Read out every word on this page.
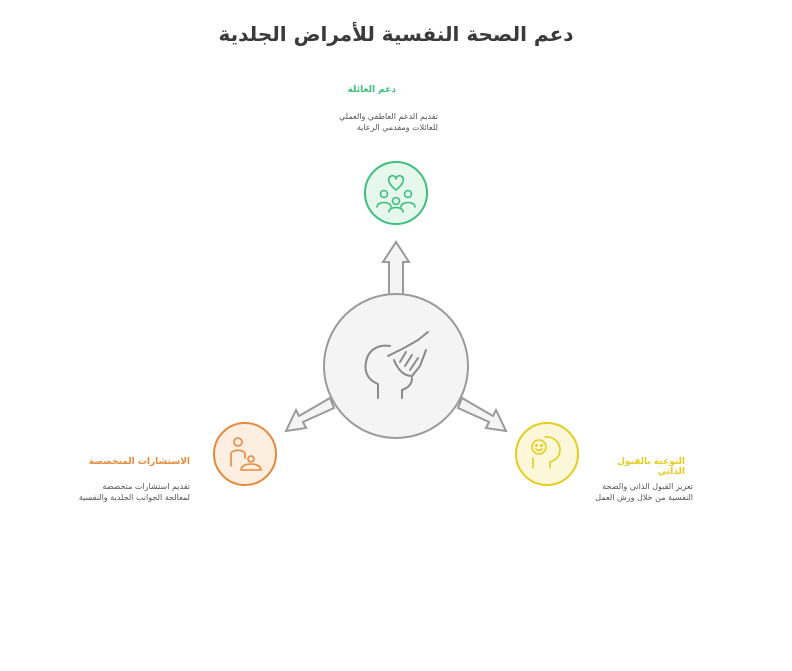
دعم الصحة النفسية للأمراض الجلدية
دعم العائلة
تقديم الدعم العاطفي والعملي
للعائلات ومقدمي الرعاية
الاستشارات المتخصصة
تقديم استشارات متخصصة
لمعالجة الجوانب الجلدية والنفسية
التوعية بالقبول الذاتي
تعزيز القبول الذاتي والصحة
النفسية من خلال ورش العمل
